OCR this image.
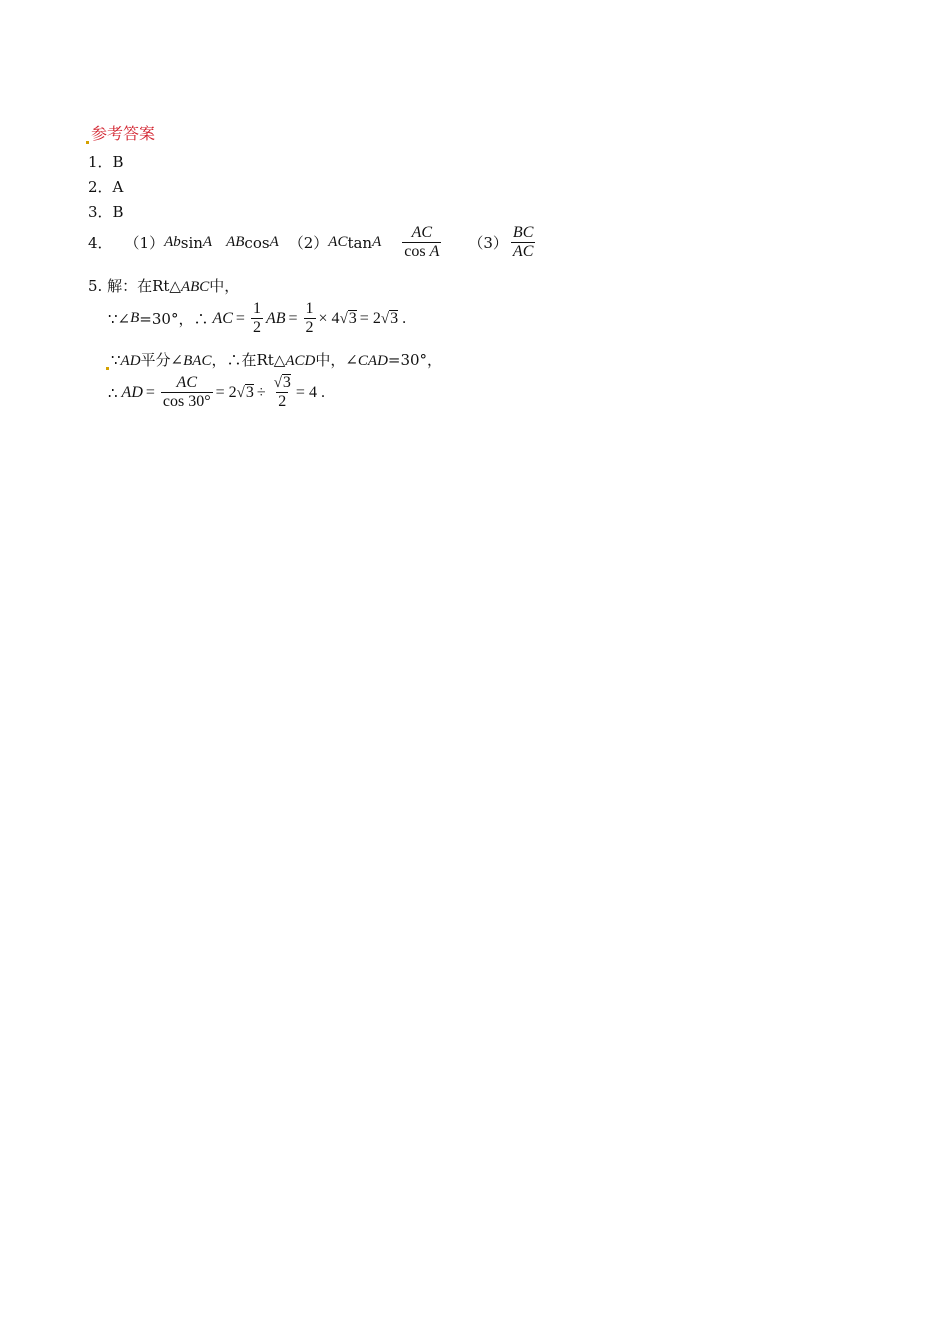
参考答案
1．B
2．A
3．B
4． （1） Ab sin A AB cos A （2） AC tan A $\frac{AC}{\text{cos A}} (3) \frac{BC}{AC}$
5. 解：在Rt△ABC中，
∵∠ B =30° ，∴ AC = $\frac{1}{2}$ AB = $\frac{1}{2} \times 4$ √ 3 = 2 √ 3 .
∵AD平分∠BAC，∴在Rt△ACD中，∠CAD=30°，
∴ AD = $\frac{AC}{\cos 30^\circ} = 2$ √ $3 \div \frac{√ 3}{2} = 4$ .
